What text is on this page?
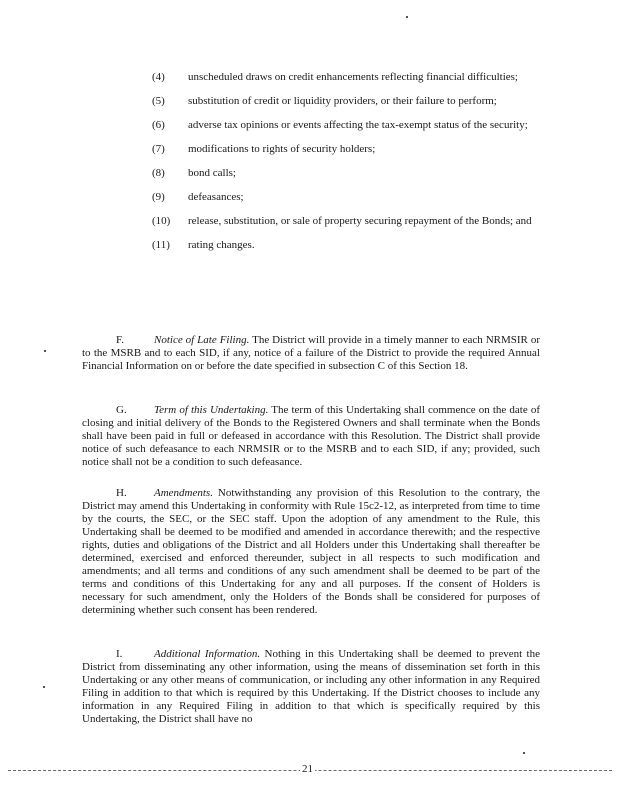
(4)	unscheduled draws on credit enhancements reflecting financial difficulties;
(5)	substitution of credit or liquidity providers, or their failure to perform;
(6)	adverse tax opinions or events affecting the tax-exempt status of the security;
(7)	modifications to rights of security holders;
(8)	bond calls;
(9)	defeasances;
(10)	release, substitution, or sale of property securing repayment of the Bonds; and
(11)	rating changes.

F.	Notice of Late Filing. The District will provide in a timely manner to each NRMSIR or to the MSRB and to each SID, if any, notice of a failure of the District to provide the required Annual Financial Information on or before the date specified in subsection C of this Section 18.

G. Term of this Undertaking. The term of this Undertaking shall commence on the date of closing and initial delivery of the Bonds to the Registered Owners and shall terminate when the Bonds shall have been paid in full or defeased in accordance with this Resolution. The District shall provide notice of such defeasance to each NRMSIR or to the MSRB and to each SID, if any; provided, such notice shall not be a condition to such defeasance.

H. Amendments. Notwithstanding any provision of this Resolution to the contrary, the District may amend this Undertaking in conformity with Rule 15c2-12, as interpreted from time to time by the courts, the SEC, or the SEC staff. Upon the adoption of any amendment to the Rule, this Undertaking shall be deemed to be modified and amended in accordance therewith; and the respective rights, duties and obligations of the District and all Holders under this Undertaking shall thereafter be determined, exercised and enforced thereunder, subject in all respects to such modification and amendments; and all terms and conditions of any such amendment shall be deemed to be part of the terms and conditions of this Undertaking for any and all purposes. If the consent of Holders is necessary for such amendment, only the Holders of the Bonds shall be considered for purposes of determining whether such consent has been rendered.

I.	Additional Information. Nothing in this Undertaking shall be deemed to prevent the District from disseminating any other information, using the means of dissemination set forth in this Undertaking or any other means of communication, or including any other information in any Required Filing in addition to that which is required by this Undertaking. If the District chooses to include any information in any Required Filing in addition to that which is specifically required by this Undertaking, the District shall have no

21
